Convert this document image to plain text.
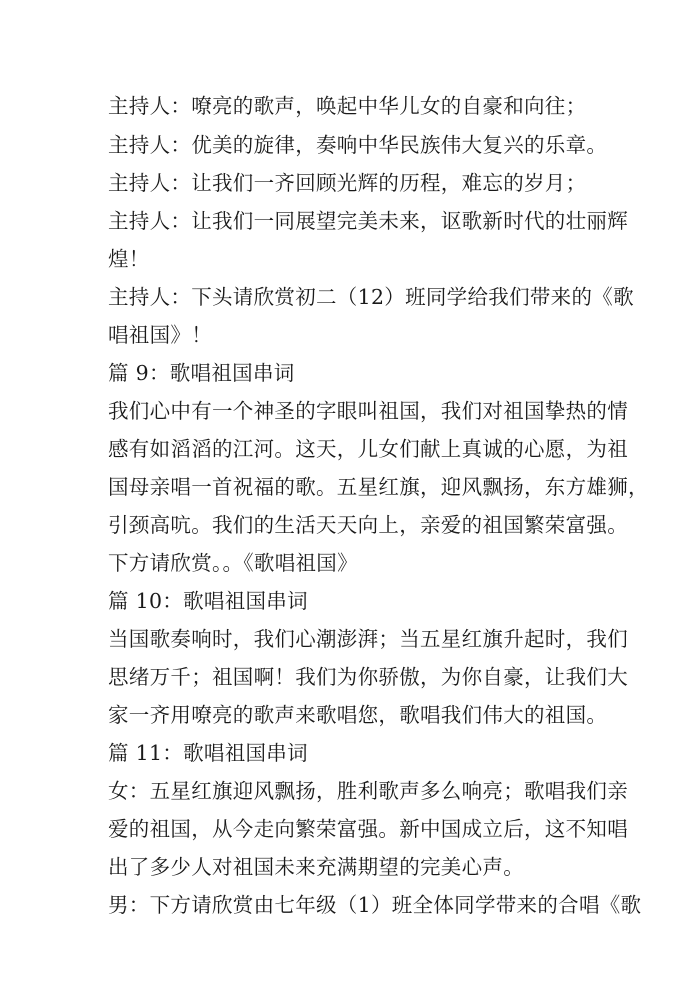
主持人：嘹亮的歌声，唤起中华儿女的自豪和向往；
主持人：优美的旋律，奏响中华民族伟大复兴的乐章。
主持人：让我们一齐回顾光辉的历程，难忘的岁月；
主持人：让我们一同展望完美未来，讴歌新时代的壮丽辉
煌！
主持人：下头请欣赏初二（12）班同学给我们带来的《歌
唱祖国》！
篇 9：歌唱祖国串词
我们心中有一个神圣的字眼叫祖国，我们对祖国挚热的情
感有如滔滔的江河。这天，儿女们献上真诚的心愿，为祖
国母亲唱一首祝福的歌。五星红旗，迎风飘扬，东方雄狮，
引颈高吭。我们的生活天天向上，亲爱的祖国繁荣富强。
下方请欣赏。。《歌唱祖国》
篇 10：歌唱祖国串词
当国歌奏响时，我们心潮澎湃；当五星红旗升起时，我们
思绪万千；祖国啊！我们为你骄傲，为你自豪，让我们大
家一齐用嘹亮的歌声来歌唱您，歌唱我们伟大的祖国。
篇 11：歌唱祖国串词
女：五星红旗迎风飘扬，胜利歌声多么响亮；歌唱我们亲
爱的祖国，从今走向繁荣富强。新中国成立后，这不知唱
出了多少人对祖国未来充满期望的完美心声。
男：下方请欣赏由七年级（1）班全体同学带来的合唱《歌
